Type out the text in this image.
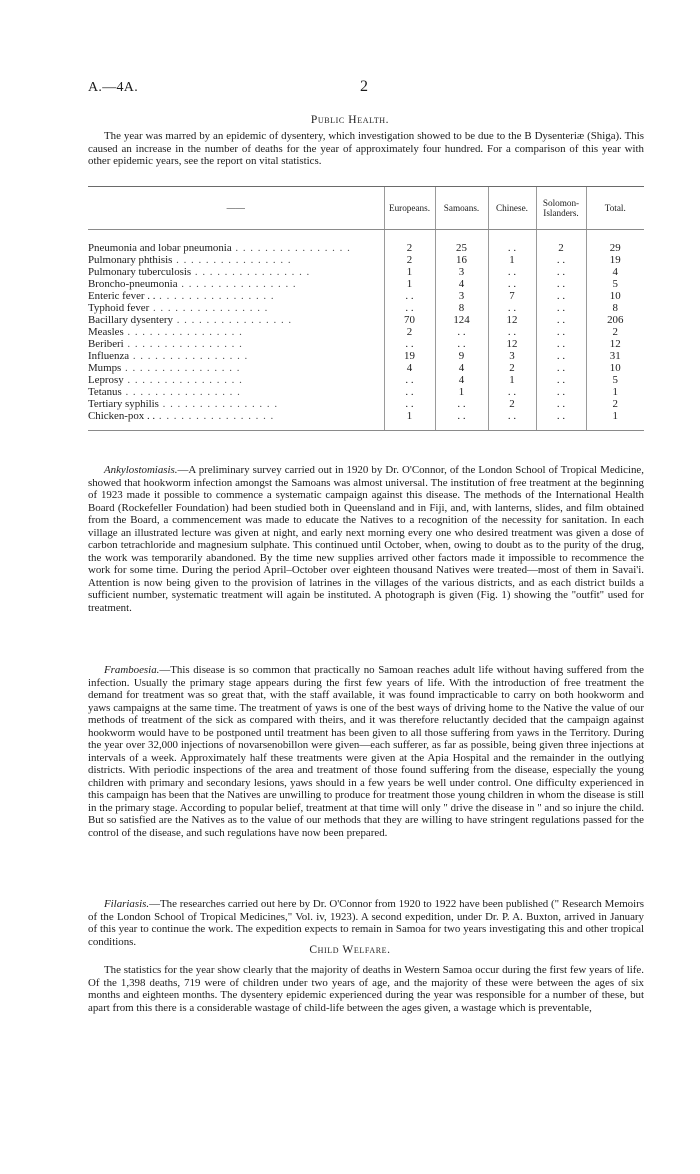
A.—4A.	2
Public Health.

The year was marred by an epidemic of dysentery, which investigation showed to be due to the B Dysenteriæ (Shiga). This caused an increase in the number of deaths for the year of approximately four hundred. For a comparison of this year with other epidemic years, see the report on vital statistics.

——	Europeans.	Samoans.	Chinese.	Solomon-Islanders.	Total.

Pneumonia and lobar pneumonia . . . . . . . . . . . . . . . .	2	25	. .	2	29
Pulmonary phthisis . . . . . . . . . . . . . . . .	2	16	1	. .	19
Pulmonary tuberculosis . . . . . . . . . . . . . . . .	1	3	. .	. .	4
Broncho-pneumonia . . . . . . . . . . . . . . . .	1	4	. .	. .	5
Enteric fever . . . . . . . . . . . . . . . . . .	. .	3	7	. .	10
Typhoid fever . . . . . . . . . . . . . . . .	. .	8	. .	. .	8
Bacillary dysentery . . . . . . . . . . . . . . . .	70	124	12	. .	206
Measles . . . . . . . . . . . . . . . .	2	. .	. .	. .	2
Beriberi . . . . . . . . . . . . . . . .	. .	. .	12	. .	12
Influenza . . . . . . . . . . . . . . . .	19	9	3	. .	31
Mumps . . . . . . . . . . . . . . . .	4	4	2	. .	10
Leprosy . . . . . . . . . . . . . . . .	. .	4	1	. .	5
Tetanus . . . . . . . . . . . . . . . .	. .	1	. .	. .	1
Tertiary syphilis . . . . . . . . . . . . . . . .	. .	. .	2	. .	2
Chicken-pox . . . . . . . . . . . . . . . . . .	1	. .	. .	. .	1

Ankylostomiasis.—A preliminary survey carried out in 1920 by Dr. O'Connor, of the London School of Tropical Medicine, showed that hookworm infection amongst the Samoans was almost universal. The institution of free treatment at the beginning of 1923 made it possible to commence a systematic campaign against this disease. The methods of the International Health Board (Rockefeller Foundation) had been studied both in Queensland and in Fiji, and, with lanterns, slides, and film obtained from the Board, a commencement was made to educate the Natives to a recognition of the necessity for sanitation. In each village an illustrated lecture was given at night, and early next morning every one who desired treatment was given a dose of carbon tetrachloride and magnesium sulphate. This continued until October, when, owing to doubt as to the purity of the drug, the work was temporarily abandoned. By the time new supplies arrived other factors made it impossible to recommence the work for some time. During the period April–October over eighteen thousand Natives were treated—most of them in Savai'i. Attention is now being given to the provision of latrines in the villages of the various districts, and as each district builds a sufficient number, systematic treatment will again be instituted. A photograph is given (Fig. 1) showing the "outfit" used for treatment.

Framboesia.—This disease is so common that practically no Samoan reaches adult life without having suffered from the infection. Usually the primary stage appears during the first few years of life. With the introduction of free treatment the demand for treatment was so great that, with the staff available, it was found impracticable to carry on both hookworm and yaws campaigns at the same time. The treatment of yaws is one of the best ways of driving home to the Native the value of our methods of treatment of the sick as compared with theirs, and it was therefore reluctantly decided that the campaign against hookworm would have to be postponed until treatment has been given to all those suffering from yaws in the Territory. During the year over 32,000 injections of novarsenobillon were given—each sufferer, as far as possible, being given three injections at intervals of a week. Approximately half these treatments were given at the Apia Hospital and the remainder in the outlying districts. With periodic inspections of the area and treatment of those found suffering from the disease, especially the young children with primary and secondary lesions, yaws should in a few years be well under control. One difficulty experienced in this campaign has been that the Natives are unwilling to produce for treatment those young children in whom the disease is still in the primary stage. According to popular belief, treatment at that time will only " drive the disease in " and so injure the child. But so satisfied are the Natives as to the value of our methods that they are willing to have stringent regulations passed for the control of the disease, and such regulations have now been prepared.

Filariasis.—The researches carried out here by Dr. O'Connor from 1920 to 1922 have been published (" Research Memoirs of the London School of Tropical Medicines," Vol. iv, 1923). A second expedition, under Dr. P. A. Buxton, arrived in January of this year to continue the work. The expedition expects to remain in Samoa for two years investigating this and other tropical conditions.

Child Welfare.

The statistics for the year show clearly that the majority of deaths in Western Samoa occur during the first few years of life. Of the 1,398 deaths, 719 were of children under two years of age, and the majority of these were between the ages of six months and eighteen months. The dysentery epidemic experienced during the year was responsible for a number of these, but apart from this there is a considerable wastage of child-life between the ages given, a wastage which is preventable,
